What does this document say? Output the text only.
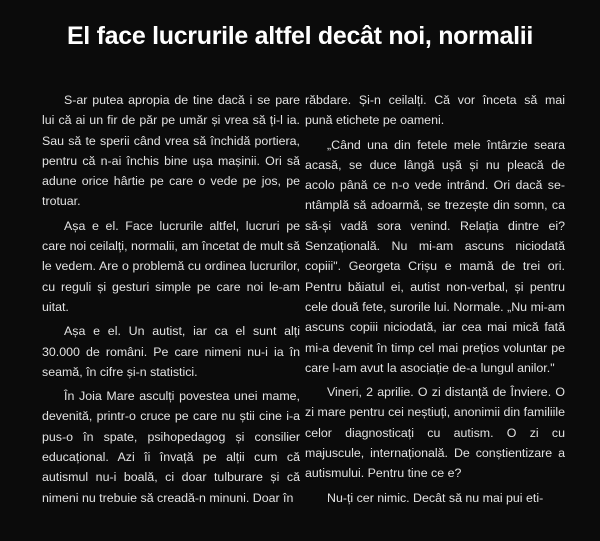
El face lucrurile altfel decât noi, normalii

S-ar putea apropia de tine dacă i se pare lui că ai un fir de păr pe umăr și vrea să ți-l ia. Sau să te sperii când vrea să închidă portiera, pentru că n-ai închis bine ușa mașinii. Ori să adune orice hârtie pe care o vede pe jos, pe trotuar.

Așa e el. Face lucrurile altfel, lucruri pe care noi ceilalți, normalii, am încetat de mult să le vedem. Are o problemă cu ordinea lucrurilor, cu reguli și gesturi simple pe care noi le-am uitat.

Așa e el. Un autist, iar ca el sunt alți 30.000 de români. Pe care nimeni nu-i ia în seamă, în cifre și-n statistici.

În Joia Mare asculți povestea unei mame, devenită, printr-o cruce pe care nu știi cine i-a pus-o în spate, psihopedagog și consilier educațional. Azi îi învață pe alții cum că autismul nu-i boală, ci doar tulburare și că nimeni nu trebuie să creadă-n minuni. Doar în

răbdare. Și-n ceilalți. Că vor înceta să mai pună etichete pe oameni.

„Când una din fetele mele întârzie seara acasă, se duce lângă ușă și nu pleacă de acolo până ce n-o vede intrând. Ori dacă se-ntâmplă să adoarmă, se trezește din somn, ca să-și vadă sora venind. Relația dintre ei? Senzațională. Nu mi-am ascuns niciodată copiii". Georgeta Crișu e mamă de trei ori. Pentru băiatul ei, autist non-verbal, și pentru cele două fete, surorile lui. Normale. „Nu mi-am ascuns copiii niciodată, iar cea mai mică fată mi-a devenit în timp cel mai prețios voluntar pe care l-am avut la asociație de-a lungul anilor."

Vineri, 2 aprilie. O zi distanță de Înviere. O zi mare pentru cei neștiuți, anonimii din familiile celor diagnosticați cu autism. O zi cu majuscule, internațională. De conștientizare a autismului. Pentru tine ce e?

Nu-ți cer nimic. Decât să nu mai pui eti-
